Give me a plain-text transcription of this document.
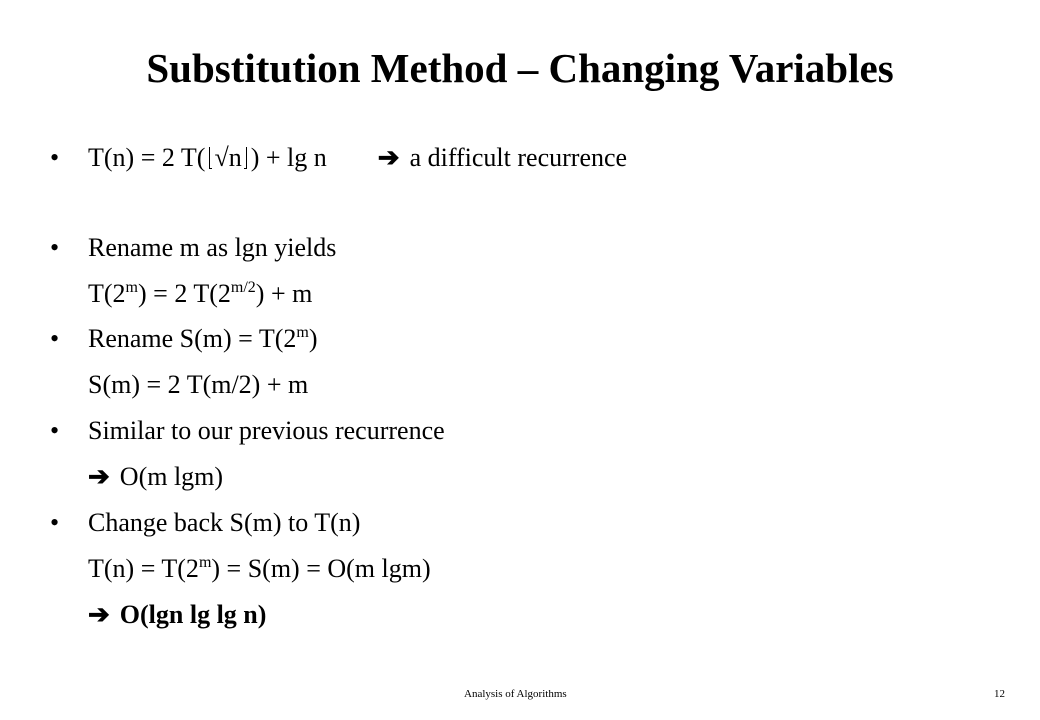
Substitution Method – Changing Variables
• T(n) = 2 T( √n ) + lg n ➔ a difficult recurrence
• Rename m as lgn yields
$T(2^m) = 2$ $T(2^{m/2}) + m$
• Rename $S(m) = T(2^m)$
S(m) = 2 T(m/2) + m
• Similar to our previous recurrence
➔ O(m lgm)
• Change back S(m) to T(n)
$T(n) = T(2^m) = S(m) = O(m$ lgm)
➔ O(lgn lg lg n)
Analysis of Algorithms	12
